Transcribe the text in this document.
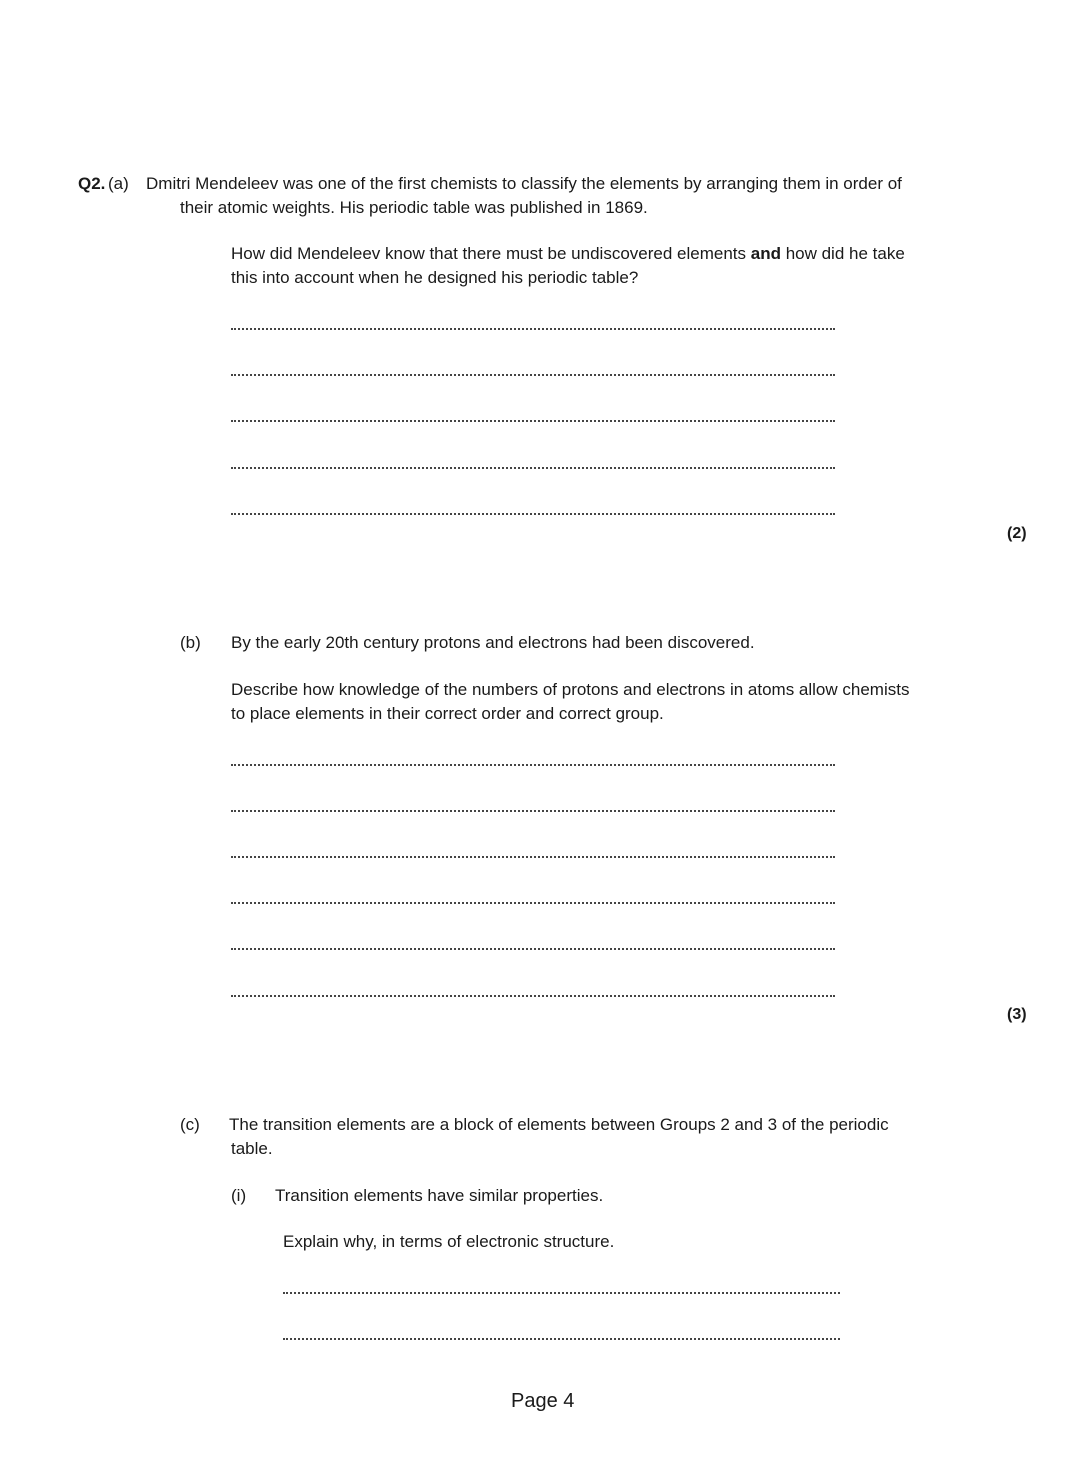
Q2. (a) Dmitri Mendeleev was one of the first chemists to classify the elements by arranging them in order of
their atomic weights. His periodic table was published in 1869.
How did Mendeleev know that there must be undiscovered elements and how did he take
this into account when he designed his periodic table?
(2)
(b) By the early 20th century protons and electrons had been discovered.
Describe how knowledge of the numbers of protons and electrons in atoms allow chemists
to place elements in their correct order and correct group.
(3)
(c) The transition elements are a block of elements between Groups 2 and 3 of the periodic
table.
(i) Transition elements have similar properties.
Explain why, in terms of electronic structure.
Page 4
